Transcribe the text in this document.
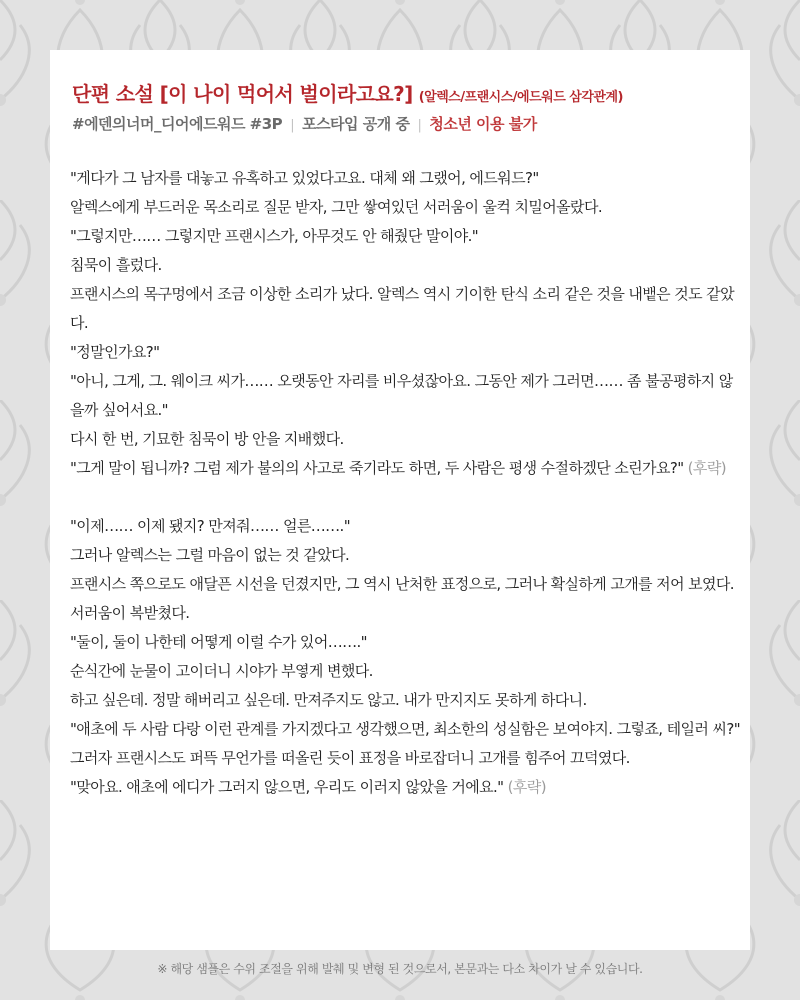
단편 소설 [이 나이 먹어서 벌이라고요?] (알렉스/프랜시스/에드워드 삼각관계)
#에덴의너머_디어에드워드 #3P | 포스타입 공개 중 | 청소년 이용 불가

"게다가 그 남자를 대놓고 유혹하고 있었다고요. 대체 왜 그랬어, 에드워드?"

알렉스에게 부드러운 목소리로 질문 받자, 그만 쌓여있던 서러움이 울컥 치밀어올랐다.

"그렇지만…… 그렇지만 프랜시스가, 아무것도 안 해줬단 말이야."

침묵이 흘렀다.

프랜시스의 목구멍에서 조금 이상한 소리가 났다. 알렉스 역시 기이한 탄식 소리 같은 것을 내뱉은 것도 같았다.

"정말인가요?"

"아니, 그게, 그. 웨이크 씨가…… 오랫동안 자리를 비우셨잖아요. 그동안 제가 그러면…… 좀 불공평하지 않을까 싶어서요."

다시 한 번, 기묘한 침묵이 방 안을 지배했다.

"그게 말이 됩니까? 그럼 제가 불의의 사고로 죽기라도 하면, 두 사람은 평생 수절하겠단 소린가요?" (후략)

"이제…… 이제 됐지? 만져줘…… 얼른……."

그러나 알렉스는 그럴 마음이 없는 것 같았다.

프랜시스 쪽으로도 애달픈 시선을 던졌지만, 그 역시 난처한 표정으로, 그러나 확실하게 고개를 저어 보였다.

서러움이 복받쳤다.

"둘이, 둘이 나한테 어떻게 이럴 수가 있어……."

순식간에 눈물이 고이더니 시야가 부옇게 변했다.

하고 싶은데. 정말 해버리고 싶은데. 만져주지도 않고. 내가 만지지도 못하게 하다니.

"애초에 두 사람 다랑 이런 관계를 가지겠다고 생각했으면, 최소한의 성실함은 보여야지. 그렇죠, 테일러 씨?"

그러자 프랜시스도 퍼뜩 무언가를 떠올린 듯이 표정을 바로잡더니 고개를 힘주어 끄덕였다.

"맞아요. 애초에 에디가 그러지 않으면, 우리도 이러지 않았을 거에요." (후략)

※ 해당 샘플은 수위 조절을 위해 발췌 및 변형 된 것으로서, 본문과는 다소 차이가 날 수 있습니다.
